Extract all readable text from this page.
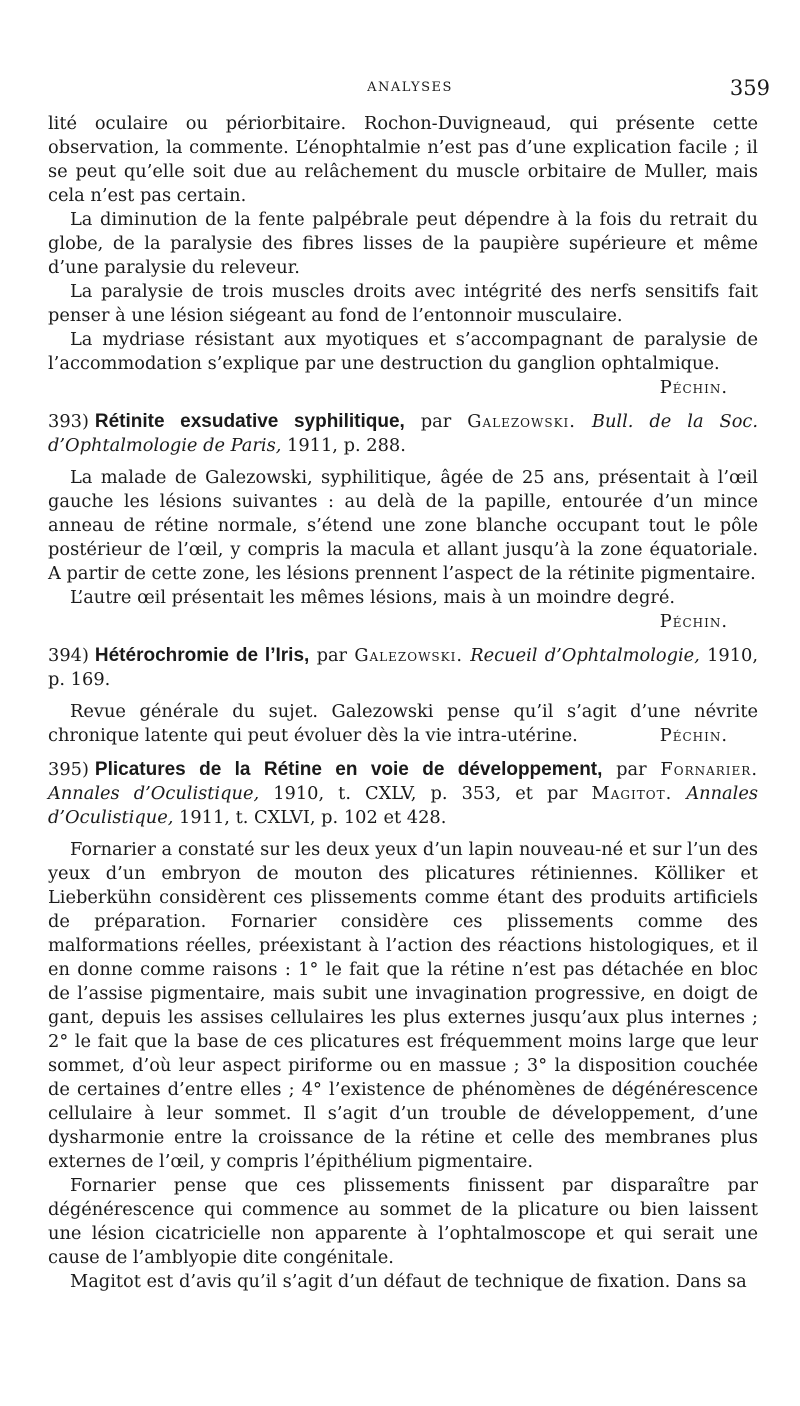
ANALYSES	359

lité oculaire ou périorbitaire. Rochon-Duvigneaud, qui présente cette observation, la commente. L’énophtalmie n’est pas d’une explication facile ; il se peut qu’elle soit due au relâchement du muscle orbitaire de Muller, mais cela n’est pas certain.

La diminution de la fente palpébrale peut dépendre à la fois du retrait du globe, de la paralysie des fibres lisses de la paupière supérieure et même d’une paralysie du releveur.

La paralysie de trois muscles droits avec intégrité des nerfs sensitifs fait penser à une lésion siégeant au fond de l’entonnoir musculaire.

La mydriase résistant aux myotiques et s’accompagnant de paralysie de l’accommodation s’explique par une destruction du ganglion ophtalmique.

Péchin.

393) Rétinite exsudative syphilitique, par Galezowski. Bull. de la Soc. d’Ophtalmologie de Paris, 1911, p. 288.

La malade de Galezowski, syphilitique, âgée de 25 ans, présentait à l’œil gauche les lésions suivantes : au delà de la papille, entourée d’un mince anneau de rétine normale, s’étend une zone blanche occupant tout le pôle postérieur de l’œil, y compris la macula et allant jusqu’à la zone équatoriale. A partir de cette zone, les lésions prennent l’aspect de la rétinite pigmentaire.

L’autre œil présentait les mêmes lésions, mais à un moindre degré.

Péchin.

394) Hétérochromie de l’Iris, par Galezowski. Recueil d’Ophtalmologie, 1910, p. 169.

Revue générale du sujet. Galezowski pense qu’il s’agit d’une névrite chronique latente qui peut évoluer dès la vie intra-utérine.	Péchin.

395) Plicatures de la Rétine en voie de développement, par Fornarier. Annales d’Oculistique, 1910, t. CXLV, p. 353, et par Magitot. Annales d’Oculistique, 1911, t. CXLVI, p. 102 et 428.

Fornarier a constaté sur les deux yeux d’un lapin nouveau-né et sur l’un des yeux d’un embryon de mouton des plicatures rétiniennes. Kölliker et Lieberkühn considèrent ces plissements comme étant des produits artificiels de préparation. Fornarier considère ces plissements comme des malformations réelles, préexistant à l’action des réactions histologiques, et il en donne comme raisons : 1° le fait que la rétine n’est pas détachée en bloc de l’assise pigmentaire, mais subit une invagination progressive, en doigt de gant, depuis les assises cellulaires les plus externes jusqu’aux plus internes ; 2° le fait que la base de ces plicatures est fréquemment moins large que leur sommet, d’où leur aspect piriforme ou en massue ; 3° la disposition couchée de certaines d’entre elles ; 4° l’existence de phénomènes de dégénérescence cellulaire à leur sommet. Il s’agit d’un trouble de développement, d’une dysharmonie entre la croissance de la rétine et celle des membranes plus externes de l’œil, y compris l’épithélium pigmentaire.

Fornarier pense que ces plissements finissent par disparaître par dégénérescence qui commence au sommet de la plicature ou bien laissent une lésion cicatricielle non apparente à l’ophtalmoscope et qui serait une cause de l’amblyopie dite congénitale.

Magitot est d’avis qu’il s’agit d’un défaut de technique de fixation. Dans sa
